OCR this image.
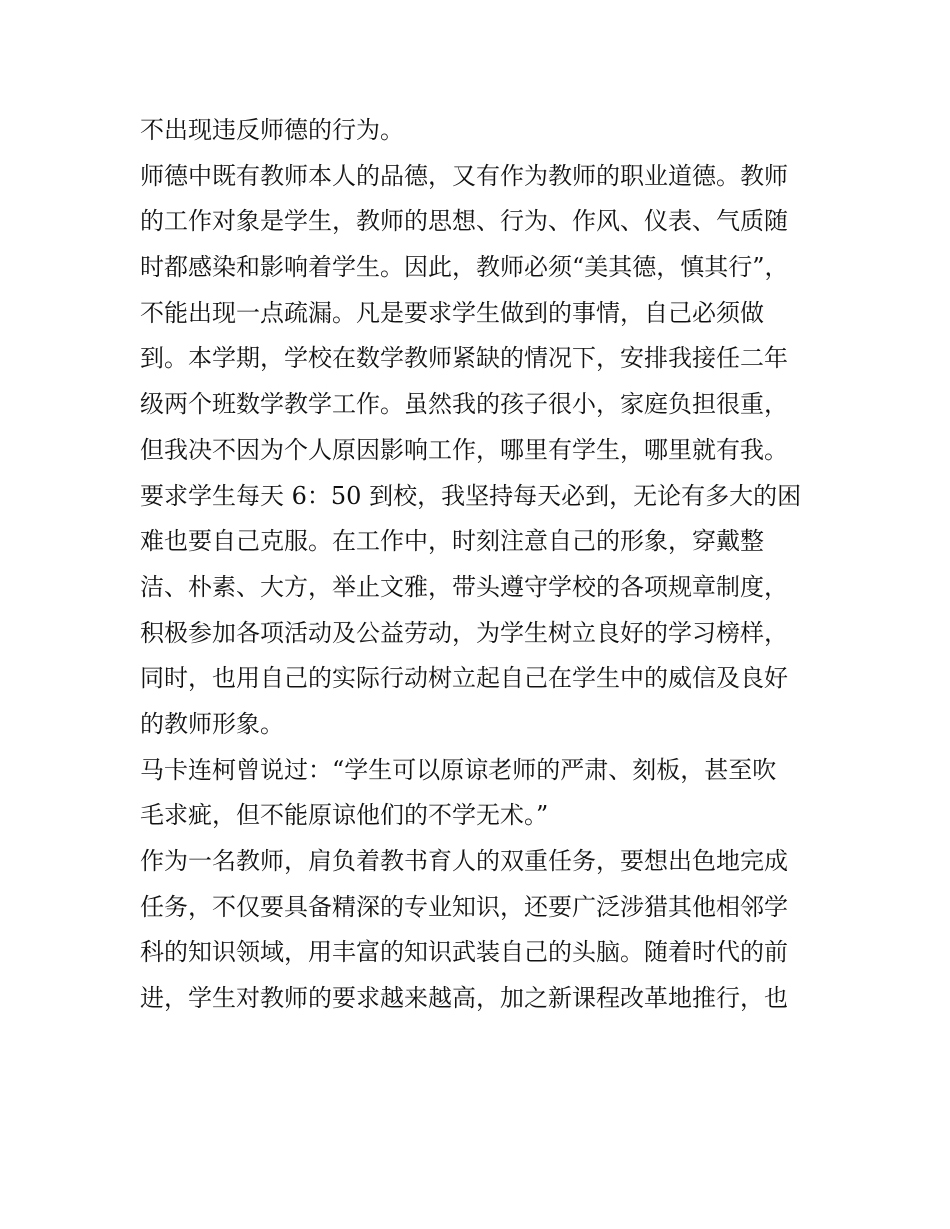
不出现违反师德的行为。
师德中既有教师本人的品德，又有作为教师的职业道德。教师
的工作对象是学生，教师的思想、行为、作风、仪表、气质随
时都感染和影响着学生。因此，教师必须“美其德，慎其行”，
不能出现一点疏漏。凡是要求学生做到的事情，自己必须做
到。本学期，学校在数学教师紧缺的情况下，安排我接任二年
级两个班数学教学工作。虽然我的孩子很小，家庭负担很重，
但我决不因为个人原因影响工作，哪里有学生，哪里就有我。
要求学生每天 6：50 到校，我坚持每天必到，无论有多大的困
难也要自己克服。在工作中，时刻注意自己的形象，穿戴整
洁、朴素、大方，举止文雅，带头遵守学校的各项规章制度，
积极参加各项活动及公益劳动，为学生树立良好的学习榜样，
同时，也用自己的实际行动树立起自己在学生中的威信及良好
的教师形象。
马卡连柯曾说过：“学生可以原谅老师的严肃、刻板，甚至吹
毛求疵，但不能原谅他们的不学无术。”
作为一名教师，肩负着教书育人的双重任务，要想出色地完成
任务，不仅要具备精深的专业知识，还要广泛涉猎其他相邻学
科的知识领域，用丰富的知识武装自己的头脑。随着时代的前
进，学生对教师的要求越来越高，加之新课程改革地推行，也
